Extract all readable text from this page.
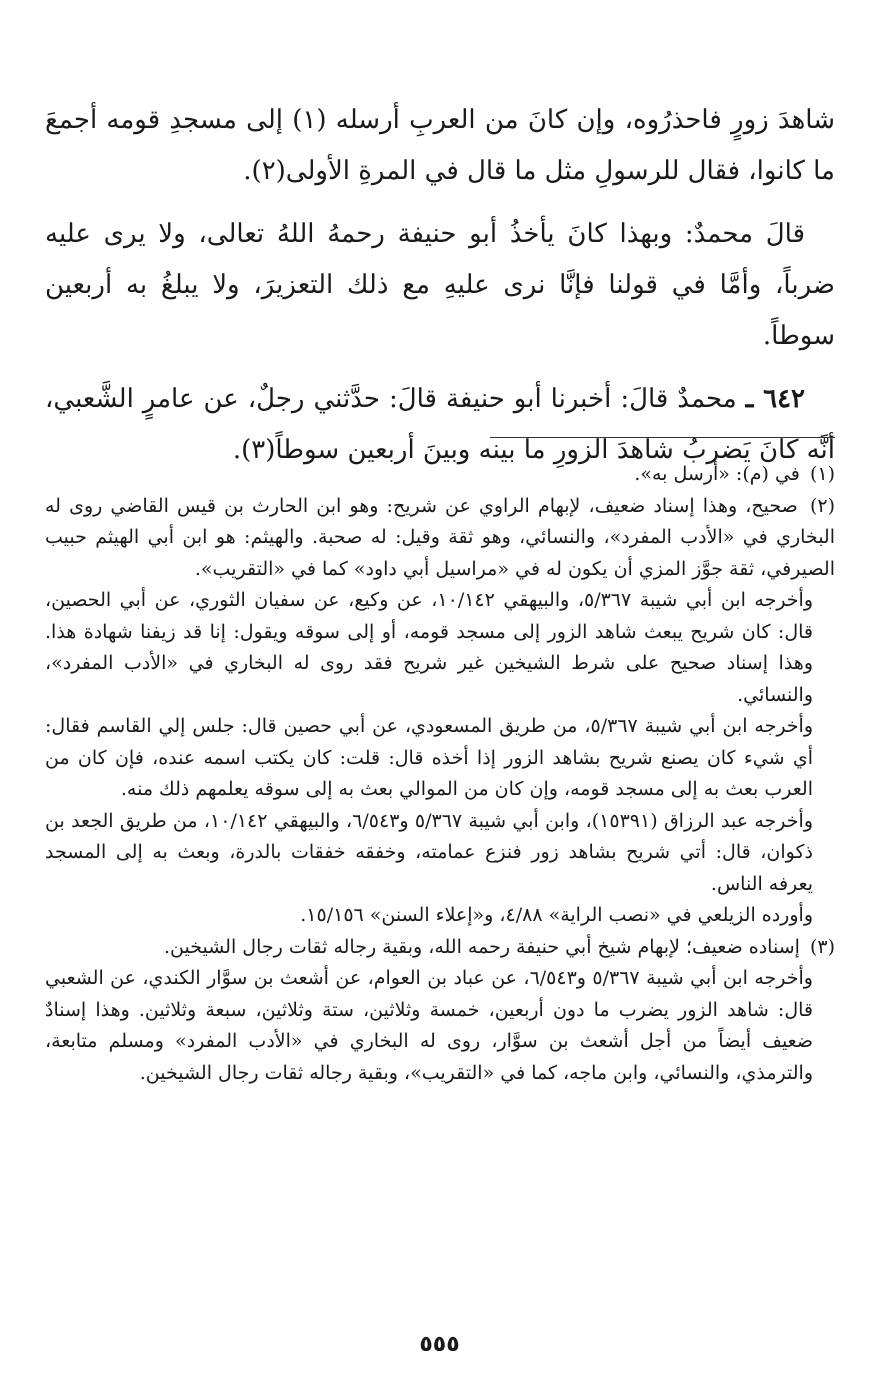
شاهدَ زورٍ فاحذرُوه، وإن كانَ من العربِ أرسله (١) إلى مسجدِ قومه أجمعَ ما كانوا، فقال للرسولِ مثل ما قال في المرةِ الأولى(٢).

قالَ محمدٌ: وبهذا كانَ يأخذُ أبو حنيفة رحمهُ اللهُ تعالى، ولا يرى عليه ضرباً، وأمَّا في قولنا فإنَّا نرى عليهِ مع ذلك التعزيرَ، ولا يبلغُ به أربعين سوطاً.

٦٤٢ ـ محمدٌ قالَ: أخبرنا أبو حنيفة قالَ: حدَّثني رجلٌ، عن عامرٍ الشَّعبي، أنَّه كانَ يَضربُ شاهدَ الزورِ ما بينه وبينَ أربعين سوطاً(٣).

(١) في (م): «أرسل به».

(٢) صحيح، وهذا إسناد ضعيف، لإبهام الراوي عن شريح: وهو ابن الحارث بن قيس القاضي روى له البخاري في «الأدب المفرد»، والنسائي، وهو ثقة وقيل: له صحبة. والهيثم: هو ابن أبي الهيثم حبيب الصيرفي، ثقة جوَّز المزي أن يكون له في «مراسيل أبي داود» كما في «التقريب».

وأخرجه ابن أبي شيبة ٥/٣٦٧، والبيهقي ١٠/١٤٢، عن وكيع، عن سفيان الثوري، عن أبي الحصين، قال: كان شريح يبعث شاهد الزور إلى مسجد قومه، أو إلى سوقه ويقول: إنا قد زيفنا شهادة هذا. وهذا إسناد صحيح على شرط الشيخين غير شريح فقد روى له البخاري في «الأدب المفرد»، والنسائي.

وأخرجه ابن أبي شيبة ٥/٣٦٧، من طريق المسعودي، عن أبي حصين قال: جلس إلي القاسم فقال: أي شيء كان يصنع شريح بشاهد الزور إذا أخذه قال: قلت: كان يكتب اسمه عنده، فإن كان من العرب بعث به إلى مسجد قومه، وإن كان من الموالي بعث به إلى سوقه يعلمهم ذلك منه.

وأخرجه عبد الرزاق (١٥٣٩١)، وابن أبي شيبة ٥/٣٦٧ و٦/٥٤٣، والبيهقي ١٠/١٤٢، من طريق الجعد بن ذكوان، قال: أتي شريح بشاهد زور فنزع عمامته، وخفقه خفقات بالدرة، وبعث به إلى المسجد يعرفه الناس.

وأورده الزيلعي في «نصب الراية» ٤/٨٨، و«إعلاء السنن» ١٥/١٥٦.

(٣) إسناده ضعيف؛ لإبهام شيخ أبي حنيفة رحمه الله، وبقية رجاله ثقات رجال الشيخين.

وأخرجه ابن أبي شيبة ٥/٣٦٧ و٦/٥٤٣، عن عباد بن العوام، عن أشعث بن سوَّار الكندي، عن الشعبي قال: شاهد الزور يضرب ما دون أربعين، خمسة وثلاثين، ستة وثلاثين، سبعة وثلاثين. وهذا إسنادٌ ضعيف أيضاً من أجل أشعث بن سوَّار، روى له البخاري في «الأدب المفرد» ومسلم متابعة، والترمذي، والنسائي، وابن ماجه، كما في «التقريب»، وبقية رجاله ثقات رجال الشيخين.

٥٥٥
